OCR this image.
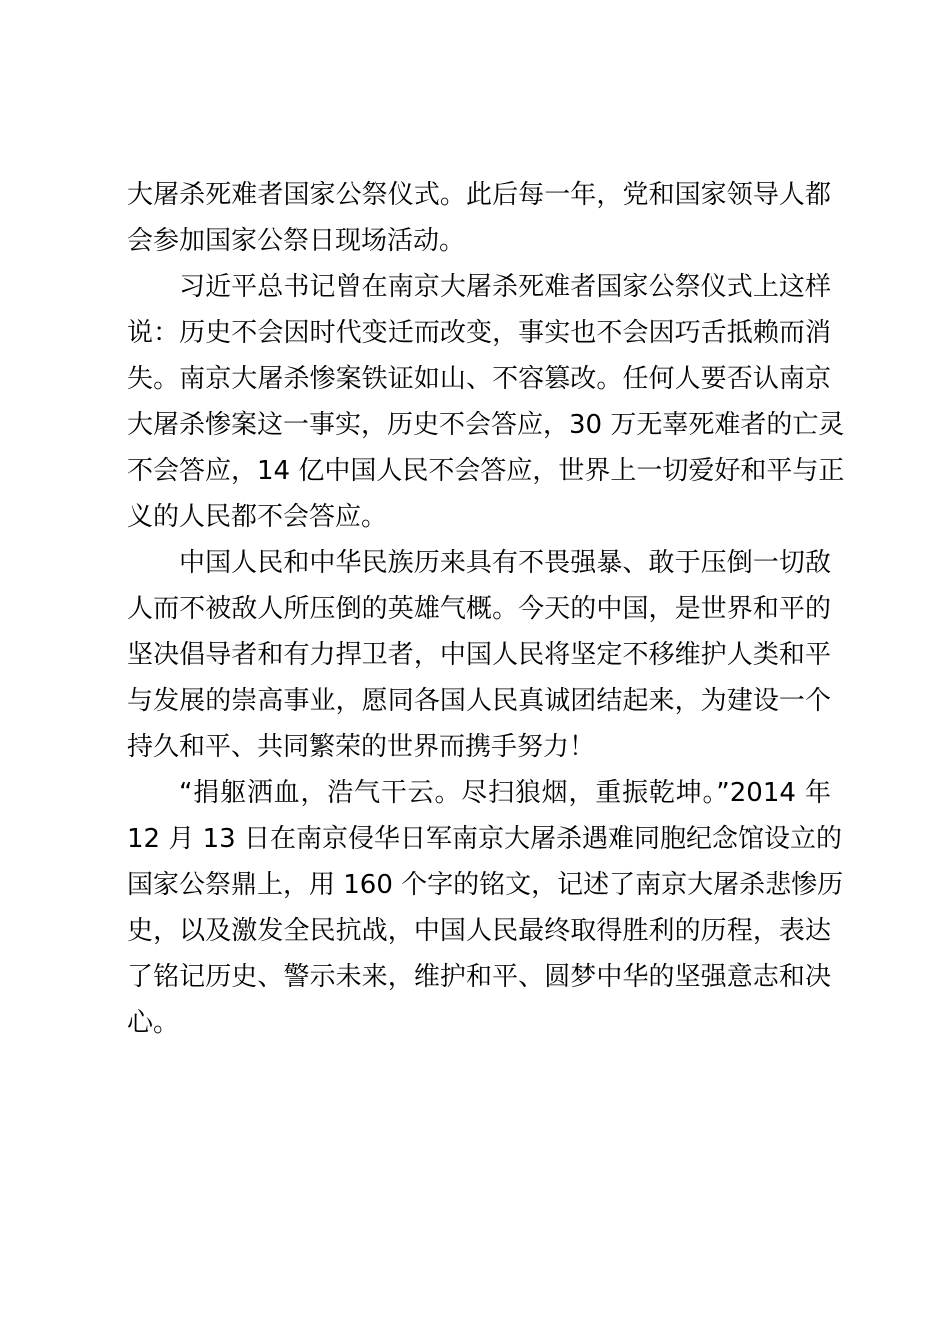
大屠杀死难者国家公祭仪式。此后每一年，党和国家领导人都
会参加国家公祭日现场活动。
习近平总书记曾在南京大屠杀死难者国家公祭仪式上这样
说：历史不会因时代变迁而改变，事实也不会因巧舌抵赖而消
失。南京大屠杀惨案铁证如山、不容篡改。任何人要否认南京
大屠杀惨案这一事实，历史不会答应，30 万无辜死难者的亡灵
不会答应，14 亿中国人民不会答应，世界上一切爱好和平与正
义的人民都不会答应。
中国人民和中华民族历来具有不畏强暴、敢于压倒一切敌
人而不被敌人所压倒的英雄气概。今天的中国，是世界和平的
坚决倡导者和有力捍卫者，中国人民将坚定不移维护人类和平
与发展的崇高事业，愿同各国人民真诚团结起来，为建设一个
持久和平、共同繁荣的世界而携手努力！
“捐躯洒血，浩气干云。尽扫狼烟，重振乾坤。”2014 年
12 月 13 日在南京侵华日军南京大屠杀遇难同胞纪念馆设立的
国家公祭鼎上，用 160 个字的铭文，记述了南京大屠杀悲惨历
史，以及激发全民抗战，中国人民最终取得胜利的历程，表达
了铭记历史、警示未来，维护和平、圆梦中华的坚强意志和决
心。
